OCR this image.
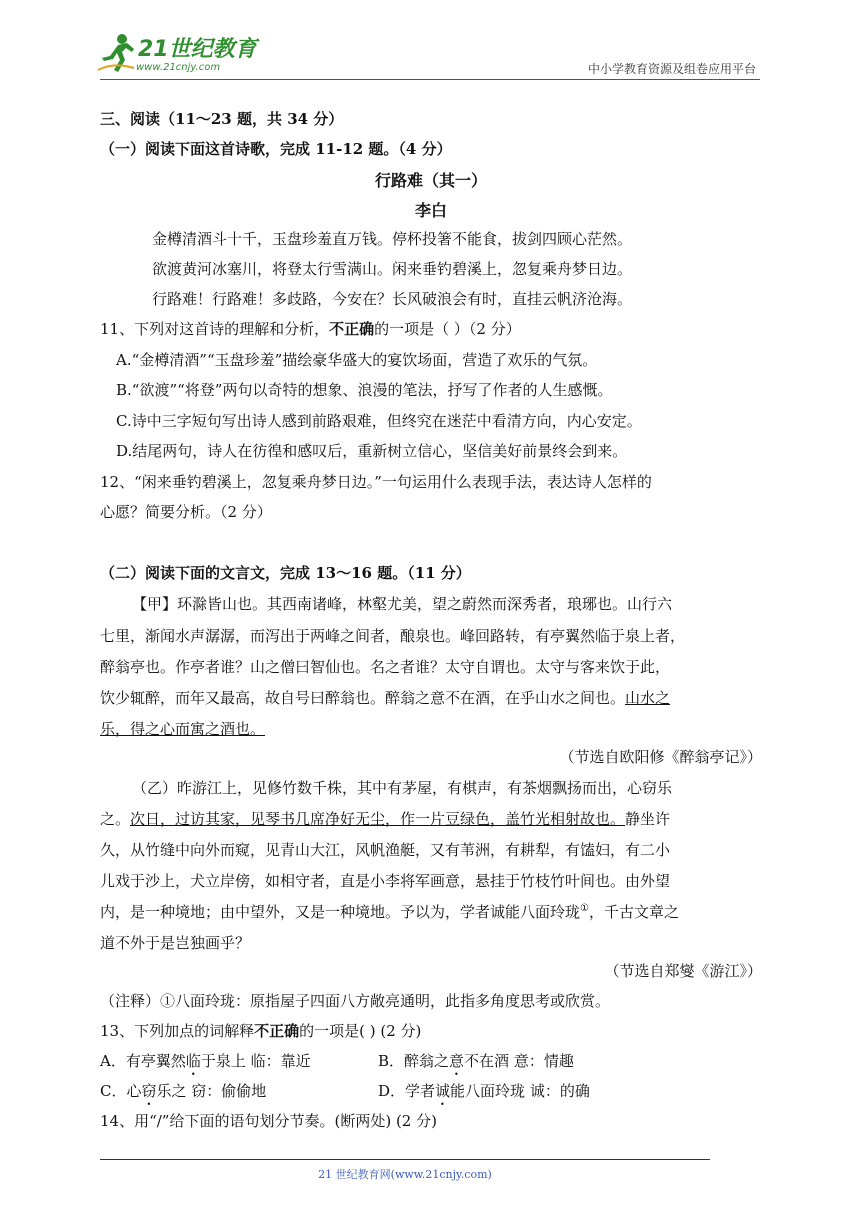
21世纪教育
www.21cnjy.com	中小学教育资源及组卷应用平台
三、阅读（11～23 题，共 34 分）
（一）阅读下面这首诗歌，完成 11-12 题。（4 分）
行路难（其一）
李白
金樽清酒斗十千，玉盘珍羞直万钱。停杯投箸不能食，拔剑四顾心茫然。
欲渡黄河冰塞川，将登太行雪满山。闲来垂钓碧溪上，忽复乘舟梦日边。
行路难！行路难！多歧路，今安在？长风破浪会有时，直挂云帆济沧海。
11、下列对这首诗的理解和分析，不正确的一项是（ ）（2 分）
A.“金樽清酒”“玉盘珍羞”描绘豪华盛大的宴饮场面，营造了欢乐的气氛。
B.“欲渡”“将登”两句以奇特的想象、浪漫的笔法，抒写了作者的人生感慨。
C.诗中三字短句写出诗人感到前路艰难，但终究在迷茫中看清方向，内心安定。
D.结尾两句，诗人在彷徨和感叹后，重新树立信心，坚信美好前景终会到来。
12、“闲来垂钓碧溪上，忽复乘舟梦日边。”一句运用什么表现手法，表达诗人怎样的
心愿？简要分析。（2 分）
（二）阅读下面的文言文，完成 13～16 题。（11 分）
【甲】环滁皆山也。其西南诸峰，林壑尤美，望之蔚然而深秀者，琅琊也。山行六
七里，渐闻水声潺潺，而泻出于两峰之间者，酿泉也。峰回路转，有亭翼然临于泉上者，
醉翁亭也。作亭者谁？山之僧曰智仙也。名之者谁？太守自谓也。太守与客来饮于此，
饮少辄醉，而年又最高，故自号曰醉翁也。醉翁之意不在酒，在乎山水之间也。山水之
乐，得之心而寓之酒也。
（节选自欧阳修《醉翁亭记》）
（乙）昨游江上，见修竹数千株，其中有茅屋，有棋声，有茶烟飘扬而出，心窃乐
之。次日，过访其家，见琴书几席净好无尘，作一片豆绿色，盖竹光相射故也。静坐许
久，从竹缝中向外而窥，见青山大江，风帆渔艇，又有苇洲，有耕犁，有馌妇，有二小
儿戏于沙上，犬立岸傍，如相守者，直是小李将军画意，悬挂于竹枝竹叶间也。由外望
内，是一种境地；由中望外，又是一种境地。予以为，学者诚能八面玲珑①，千古文章之
道不外于是岂独画乎？
（节选自郑燮《游江》）
（注释）①八面玲珑：原指屋子四面八方敞亮通明，此指多角度思考或欣赏。
13、下列加点的词解释不正确的一项是( ) (2 分)
A．有亭翼然临于泉上 临：靠近	B．醉翁之意不在酒 意：情趣
C．心窃乐之 窃：偷偷地	D．学者诚能八面玲珑 诚：的确
14、用“/”给下面的语句划分节奏。(断两处) (2 分)
21 世纪教育网(www.21cnjy.com)
